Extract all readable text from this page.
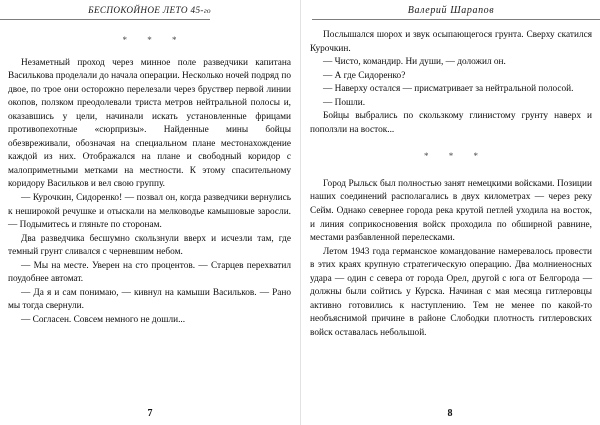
БЕСПОКОЙНОЕ ЛЕТО 45-го
* * *

Незаметный проход через минное поле разведчики капитана Василькова проделали до начала операции. Несколько ночей подряд по двое, по трое они осторожно перелезали через бруствер первой линии окопов, ползком преодолевали триста метров нейтральной полосы и, оказавшись у цели, начинали искать установленные фрицами противопехотные «сюрпризы». Найденные мины бойцы обезвреживали, обозначая на специальном плане местонахождение каждой из них. Отображался на плане и свободный коридор с малоприметными метками на местности. К этому спасительному коридору Васильков и вел свою группу.

— Курочкин, Сидоренко! — позвал он, когда разведчики вернулись к неширокой речушке и отыскали на мелководье камышовые заросли. — Подымитесь и гляньте по сторонам.

Два разведчика бесшумно скользнули вверх и исчезли там, где темный грунт сливался с черневшим небом.

— Мы на месте. Уверен на сто процентов. — Старцев перехватил поудобнее автомат.

— Да я и сам понимаю, — кивнул на камыши Васильков. — Рано мы тогда свернули.

— Согласен. Совсем немного не дошли...

7
Валерий Шарапов

Послышался шорох и звук осыпающегося грунта. Сверху скатился Курочкин.

— Чисто, командир. Ни души, — доложил он.

— А где Сидоренко?

— Наверху остался — присматривает за нейтральной полосой.

— Пошли.

Бойцы выбрались по скользкому глинистому грунту наверх и поползли на восток...

* * *

Город Рыльск был полностью занят немецкими войсками. Позиции наших соединений располагались в двух километрах — через реку Сейм. Однако севернее города река крутой петлей уходила на восток, и линия соприкосновения войск проходила по обширной равнине, местами разбавленной перелесками.

Летом 1943 года германское командование намеревалось провести в этих краях крупную стратегическую операцию. Два молниеносных удара — один с севера от города Орел, другой с юга от Белгорода — должны были сойтись у Курска. Начиная с мая месяца гитлеровцы активно готовились к наступлению. Тем не менее по какой-то необъяснимой причине в районе Слободки плотность гитлеровских войск оставалась небольшой.

8
